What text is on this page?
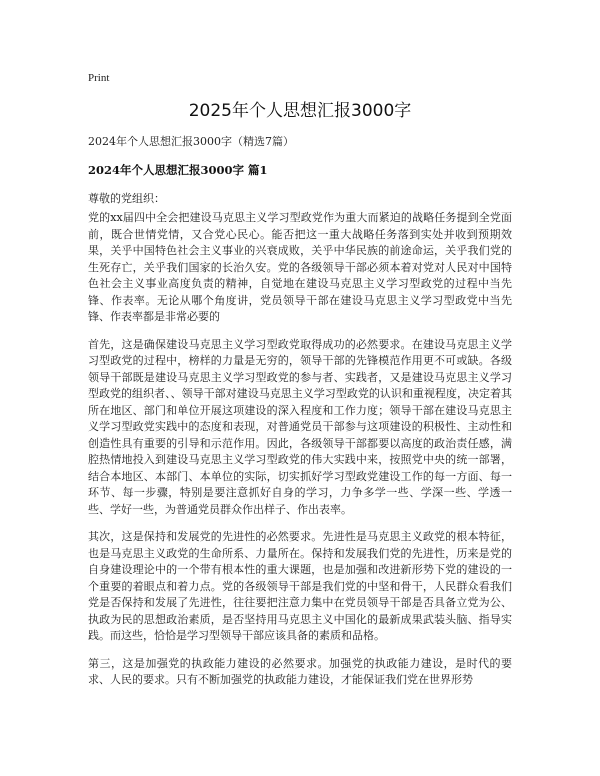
Print
2025年个人思想汇报3000字
2024年个人思想汇报3000字（精选7篇）
2024年个人思想汇报3000字 篇1
尊敬的党组织：

党的xx届四中全会把建设马克思主义学习型政党作为重大而紧迫的战略任务提到全党面前，既合世情党情，又合党心民心。能否把这一重大战略任务落到实处并收到预期效果，关乎中国特色社会主义事业的兴衰成败，关乎中华民族的前途命运，关乎我们党的生死存亡，关乎我们国家的长治久安。党的各级领导干部必须本着对党对人民对中国特色社会主义事业高度负责的精神，自觉地在建设马克思主义学习型政党的过程中当先锋、作表率。无论从哪个角度讲，党员领导干部在建设马克思主义学习型政党中当先锋、作表率都是非常必要的

首先，这是确保建设马克思主义学习型政党取得成功的必然要求。在建设马克思主义学习型政党的过程中，榜样的力量是无穷的，领导干部的先锋模范作用更不可或缺。各级领导干部既是建设马克思主义学习型政党的参与者、实践者，又是建设马克思主义学习型政党的组织者、、领导干部对建设马克思主义学习型政党的认识和重视程度，决定着其所在地区、部门和单位开展这项建设的深入程度和工作力度；领导干部在建设马克思主义学习型政党实践中的态度和表现，对普通党员干部参与这项建设的积极性、主动性和创造性具有重要的引导和示范作用。因此，各级领导干部都要以高度的政治责任感，满腔热情地投入到建设马克思主义学习型政党的伟大实践中来，按照党中央的统一部署，结合本地区、本部门、本单位的实际，切实抓好学习型政党建设工作的每一方面、每一环节、每一步骤，特别是要注意抓好自身的学习，力争多学一些、学深一些、学透一些、学好一些，为普通党员群众作出样子、作出表率。

其次，这是保持和发展党的先进性的必然要求。先进性是马克思主义政党的根本特征，也是马克思主义政党的生命所系、力量所在。保持和发展我们党的先进性，历来是党的自身建设理论中的一个带有根本性的重大课题，也是加强和改进新形势下党的建设的一个重要的着眼点和着力点。党的各级领导干部是我们党的中坚和骨干，人民群众看我们党是否保持和发展了先进性，往往要把注意力集中在党员领导干部是否具备立党为公、执政为民的思想政治素质，是否坚持用马克思主义中国化的最新成果武装头脑、指导实践。而这些，恰恰是学习型领导干部应该具备的素质和品格。

第三，这是加强党的执政能力建设的必然要求。加强党的执政能力建设，是时代的要求、人民的要求。只有不断加强党的执政能力建设，才能保证我们党在世界形势
